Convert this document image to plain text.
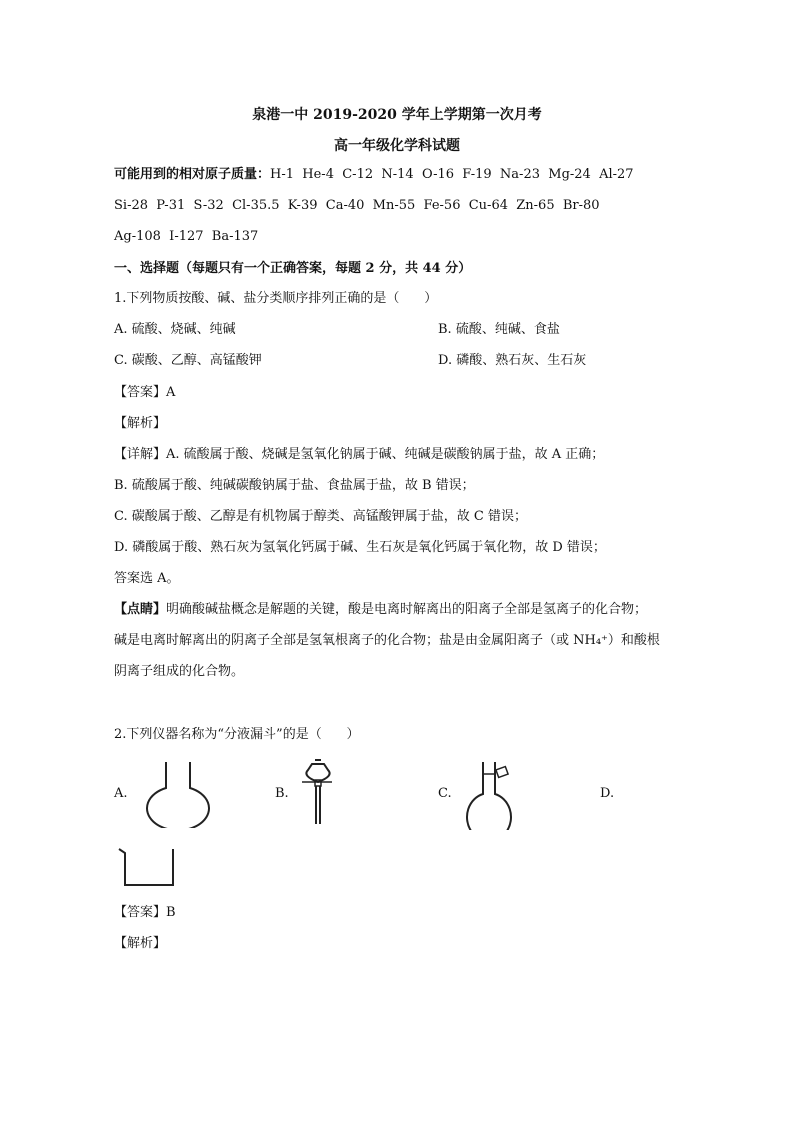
泉港一中 2019-2020 学年上学期第一次月考
高一年级化学科试题
可能用到的相对原子质量：H-1  He-4  C-12  N-14  O-16  F-19  Na-23  Mg-24  Al-27
Si-28  P-31  S-32  Cl-35.5  K-39  Ca-40  Mn-55  Fe-56  Cu-64  Zn-65  Br-80
Ag-108  I-127  Ba-137
一、选择题（每题只有一个正确答案，每题 2 分，共 44 分）
1.下列物质按酸、碱、盐分类顺序排列正确的是（      ）
A. 硫酸、烧碱、纯碱	B. 硫酸、纯碱、食盐
C. 碳酸、乙醇、高锰酸钾	D. 磷酸、熟石灰、生石灰
【答案】A
【解析】
【详解】A. 硫酸属于酸、烧碱是氢氧化钠属于碱、纯碱是碳酸钠属于盐，故 A 正确；
B. 硫酸属于酸、纯碱碳酸钠属于盐、食盐属于盐，故 B 错误；
C. 碳酸属于酸、乙醇是有机物属于醇类、高锰酸钾属于盐，故 C 错误；
D. 磷酸属于酸、熟石灰为氢氧化钙属于碱、生石灰是氧化钙属于氧化物，故 D 错误；
答案选 A。
【点睛】明确酸碱盐概念是解题的关键，酸是电离时解离出的阳离子全部是氢离子的化合物；
碱是电离时解离出的阴离子全部是氢氧根离子的化合物；盐是由金属阳离子（或 NH₄⁺）和酸根
阴离子组成的化合物。
2.下列仪器名称为“分液漏斗”的是（      ）
A.	B.	C.	D.

【答案】B
【解析】
